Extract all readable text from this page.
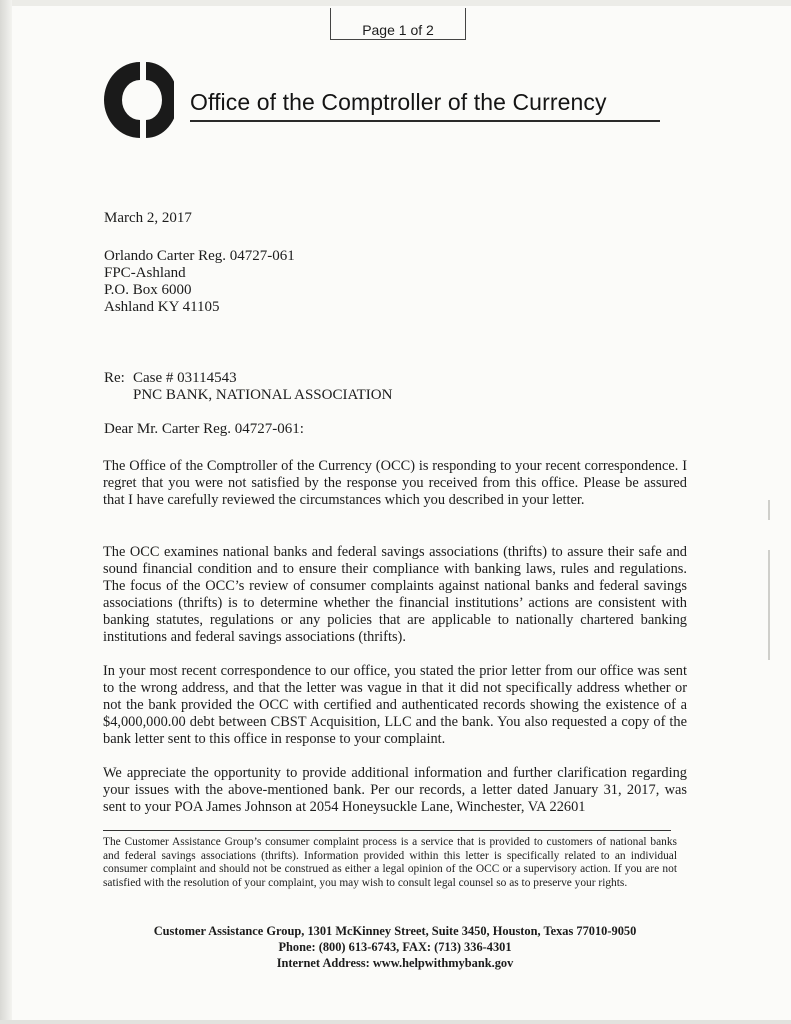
Page 1 of 2
Office of the Comptroller of the Currency
March 2, 2017
Orlando Carter Reg. 04727-061
FPC-Ashland
P.O. Box 6000
Ashland KY 41105
Re: Case # 03114543
PNC BANK, NATIONAL ASSOCIATION
Dear Mr. Carter Reg. 04727-061:
The Office of the Comptroller of the Currency (OCC) is responding to your recent correspondence. I regret that you were not satisfied by the response you received from this office. Please be assured that I have carefully reviewed the circumstances which you described in your letter.
The OCC examines national banks and federal savings associations (thrifts) to assure their safe and sound financial condition and to ensure their compliance with banking laws, rules and regulations. The focus of the OCC’s review of consumer complaints against national banks and federal savings associations (thrifts) is to determine whether the financial institutions’ actions are consistent with banking statutes, regulations or any policies that are applicable to nationally chartered banking institutions and federal savings associations (thrifts).
In your most recent correspondence to our office, you stated the prior letter from our office was sent to the wrong address, and that the letter was vague in that it did not specifically address whether or not the bank provided the OCC with certified and authenticated records showing the existence of a $4,000,000.00 debt between CBST Acquisition, LLC and the bank. You also requested a copy of the bank letter sent to this office in response to your complaint.
We appreciate the opportunity to provide additional information and further clarification regarding your issues with the above-mentioned bank. Per our records, a letter dated January 31, 2017, was sent to your POA James Johnson at 2054 Honeysuckle Lane, Winchester, VA 22601
The Customer Assistance Group’s consumer complaint process is a service that is provided to customers of national banks and federal savings associations (thrifts). Information provided within this letter is specifically related to an individual consumer complaint and should not be construed as either a legal opinion of the OCC or a supervisory action. If you are not satisfied with the resolution of your complaint, you may wish to consult legal counsel so as to preserve your rights.
Customer Assistance Group, 1301 McKinney Street, Suite 3450, Houston, Texas 77010-9050
Phone: (800) 613-6743, FAX: (713) 336-4301
Internet Address: www.helpwithmybank.gov
